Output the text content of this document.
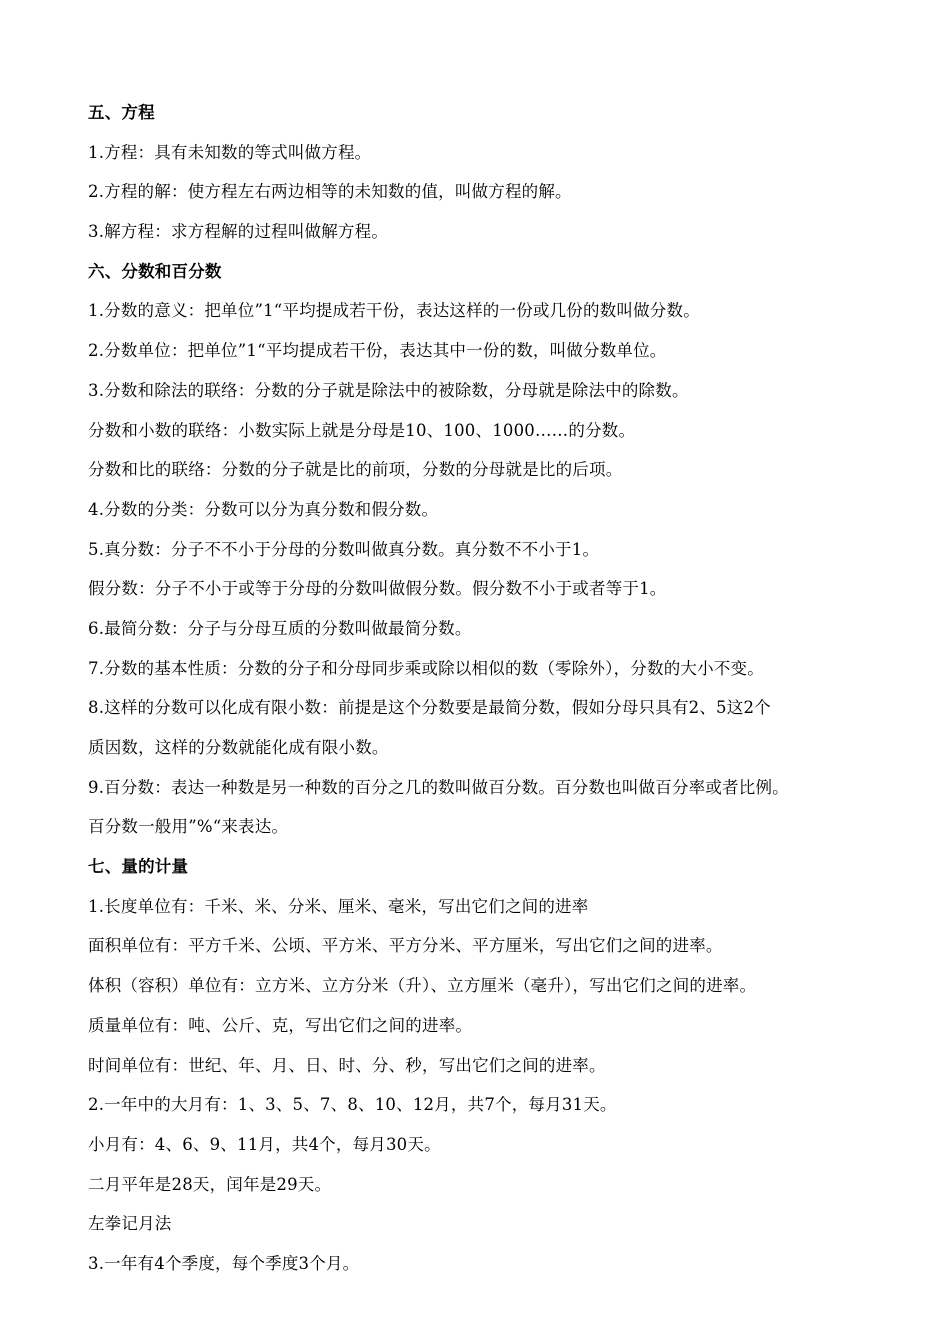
五、方程
1.方程：具有未知数的等式叫做方程。
2.方程的解：使方程左右两边相等的未知数的值，叫做方程的解。
3.解方程：求方程解的过程叫做解方程。
六、分数和百分数
1.分数的意义：把单位”1“平均提成若干份，表达这样的一份或几份的数叫做分数。
2.分数单位：把单位”1“平均提成若干份，表达其中一份的数，叫做分数单位。
3.分数和除法的联络：分数的分子就是除法中的被除数，分母就是除法中的除数。
分数和小数的联络：小数实际上就是分母是10、100、1000……的分数。
分数和比的联络：分数的分子就是比的前项，分数的分母就是比的后项。
4.分数的分类：分数可以分为真分数和假分数。
5.真分数：分子不不小于分母的分数叫做真分数。真分数不不小于1。
假分数：分子不小于或等于分母的分数叫做假分数。假分数不小于或者等于1。
6.最简分数：分子与分母互质的分数叫做最简分数。
7.分数的基本性质：分数的分子和分母同步乘或除以相似的数（零除外），分数的大小不变。
8.这样的分数可以化成有限小数：前提是这个分数要是最简分数，假如分母只具有2、5这2个
质因数，这样的分数就能化成有限小数。
9.百分数：表达一种数是另一种数的百分之几的数叫做百分数。百分数也叫做百分率或者比例。
百分数一般用”%“来表达。
七、量的计量
1.长度单位有：千米、米、分米、厘米、毫米，写出它们之间的进率
面积单位有：平方千米、公顷、平方米、平方分米、平方厘米，写出它们之间的进率。
体积（容积）单位有：立方米、立方分米（升）、立方厘米（毫升），写出它们之间的进率。
质量单位有：吨、公斤、克，写出它们之间的进率。
时间单位有：世纪、年、月、日、时、分、秒，写出它们之间的进率。
2.一年中的大月有：1、3、5、7、8、10、12月，共7个，每月31天。
小月有：4、6、9、11月，共4个，每月30天。
二月平年是28天，闰年是29天。
左拳记月法
3.一年有4个季度，每个季度3个月。
